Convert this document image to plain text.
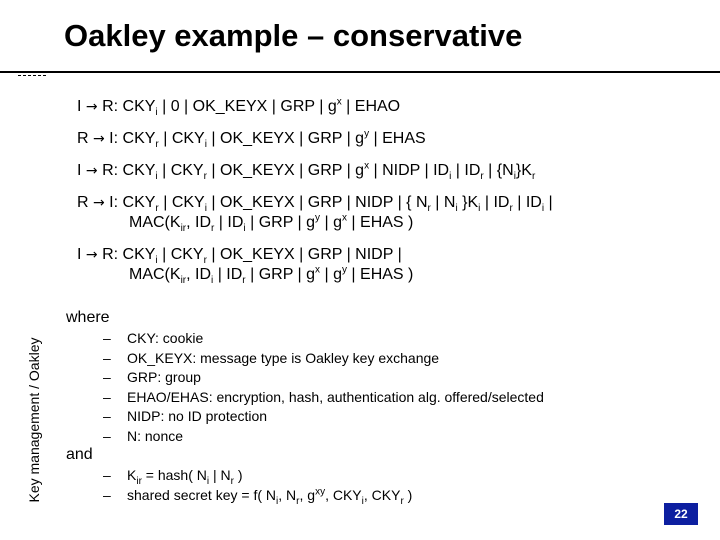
Oakley example – conservative
Key management / Oakley
I → R: $CKY_i$ | 0 | OK_KEYX | GRP | $g^x$ | EHAO
R → I: $CKY_r$ | $CKY_i$ | OK_KEYX | GRP | $g^y$ | EHAS
I → R: $CKY_i$ | $CKY_r$ | OK_KEYX | GRP | $g^x$ | NIDP | $ID_i$ | $ID_r$ | $\{N_i\}K_r$
R → I: $CKY_r$ | $CKY_i$ | OK_KEYX | GRP | NIDP | { $N_r$ | $N_i$ }$K_i$ | $ID_r$ | $ID_i$ |
$MAC(K_{ir}$, $ID_r$ | $ID_i$ | GRP | $g^y$ | $g^x$ | EHAS )
I → R: $CKY_i$ | $CKY_r$ | OK_KEYX | GRP | NIDP |
$MAC(K_{ir}$, $ID_i$ | $ID_r$ | GRP | $g^x$ | $g^y$ | EHAS )
where
–	CKY: cookie
–	OK_KEYX: message type is Oakley key exchange
–	GRP: group
–	EHAO/EHAS: encryption, hash, authentication alg. offered/selected
–	NIDP: no ID protection
–	N: nonce
and
–	$K_{ir}$ = hash( $N_i$ | $N_r$ )
–	shared secret key = f( $N_i$, $N_r$, $g^{xy}$, $CKY_i$, $CKY_r$ )
22
